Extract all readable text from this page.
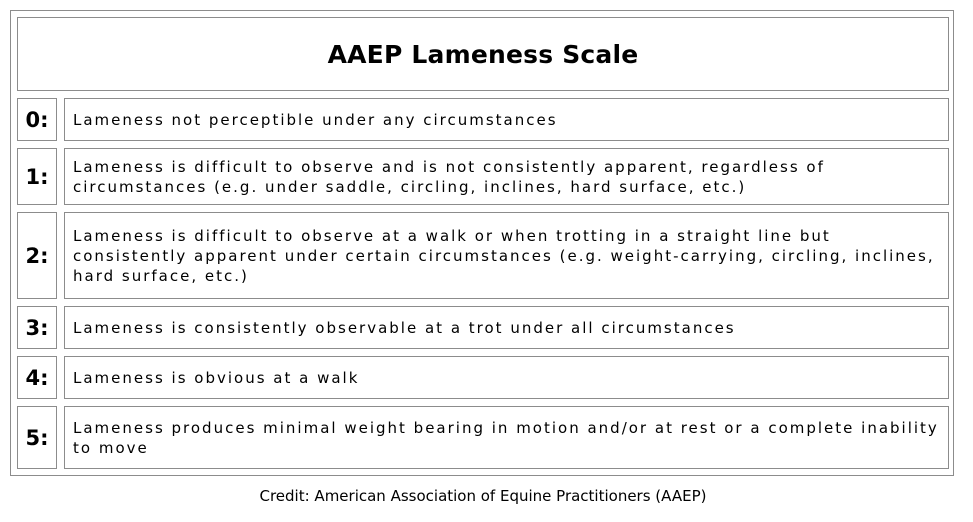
AAEP Lameness Scale
0: Lameness not perceptible under any circumstances
1: Lameness is difficult to observe and is not consistently apparent, regardless of circumstances (e.g. under saddle, circling, inclines, hard surface, etc.)
2:
Lameness is difficult to observe at a walk or when trotting in a straight line but consistently apparent under certain circumstances (e.g. weight-carrying, circling, inclines, hard surface, etc.)
3: Lameness is consistently observable at a trot under all circumstances
4: Lameness is obvious at a walk
5: Lameness produces minimal weight bearing in motion and/or at rest or a complete inability to move
Credit: American Association of Equine Practitioners (AAEP)
